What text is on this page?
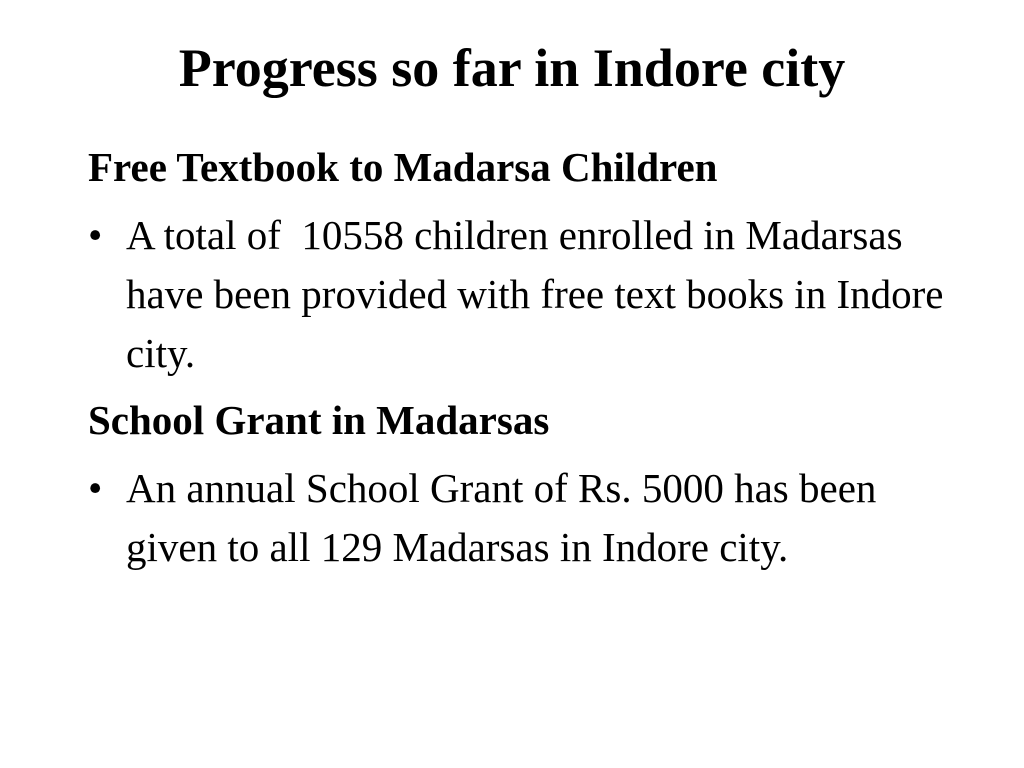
Progress so far in Indore city

Free Textbook to Madarsa Children

• A total of  10558 children enrolled in Madarsas have been provided with free text books in Indore city.

School Grant in Madarsas

• An annual School Grant of Rs. 5000 has been given to all 129 Madarsas in Indore city.
